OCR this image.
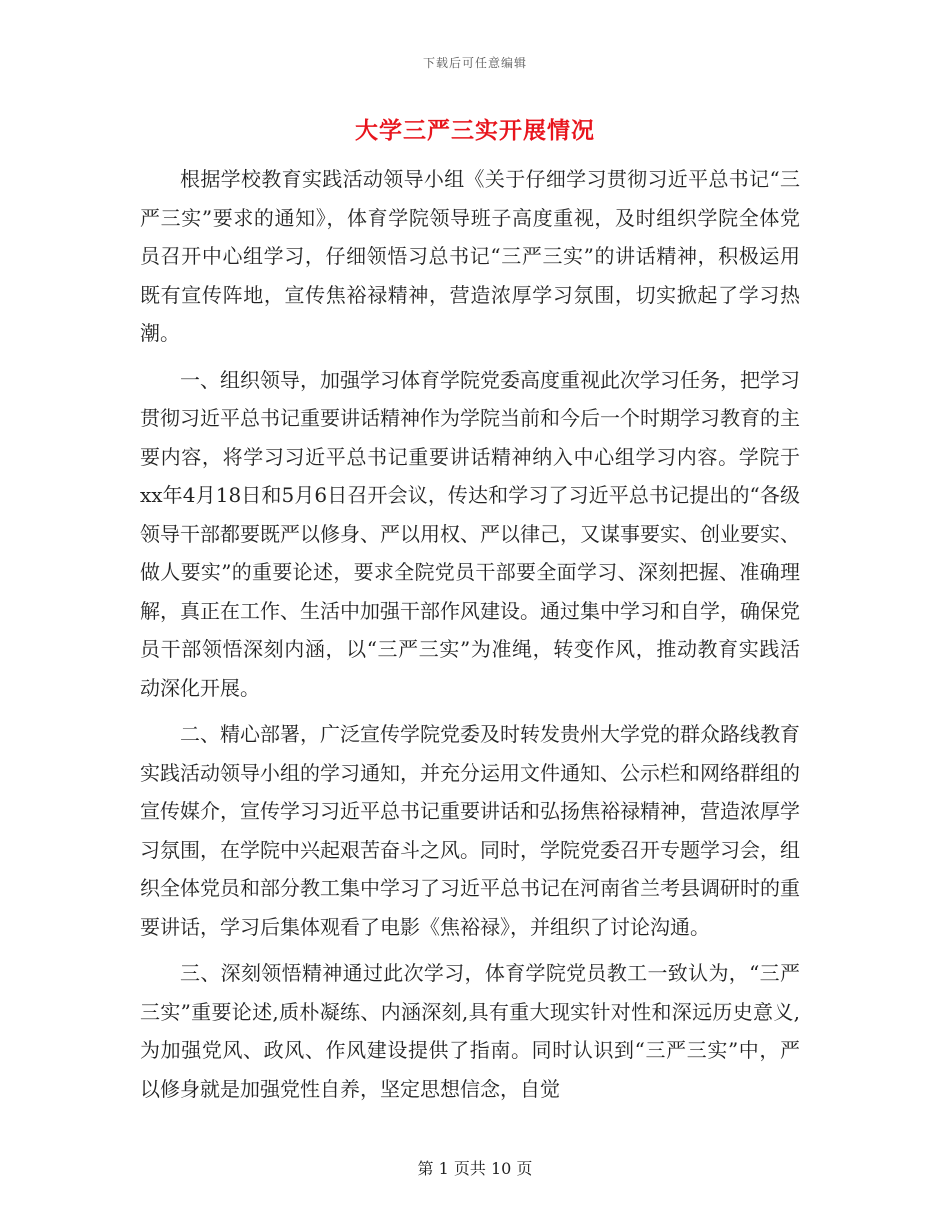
下载后可任意编辑
大学三严三实开展情况

根据学校教育实践活动领导小组《关于仔细学习贯彻习近平总书记“三严三实”要求的通知》，体育学院领导班子高度重视，及时组织学院全体党员召开中心组学习，仔细领悟习总书记“三严三实”的讲话精神，积极运用既有宣传阵地，宣传焦裕禄精神，营造浓厚学习氛围，切实掀起了学习热潮。

一、组织领导，加强学习体育学院党委高度重视此次学习任务，把学习贯彻习近平总书记重要讲话精神作为学院当前和今后一个时期学习教育的主要内容，将学习习近平总书记重要讲话精神纳入中心组学习内容。学院于xx年4月18日和5月6日召开会议，传达和学习了习近平总书记提出的“各级领导干部都要既严以修身、严以用权、严以律己，又谋事要实、创业要实、做人要实”的重要论述，要求全院党员干部要全面学习、深刻把握、准确理解，真正在工作、生活中加强干部作风建设。通过集中学习和自学，确保党员干部领悟深刻内涵，以“三严三实”为准绳，转变作风，推动教育实践活动深化开展。

二、精心部署，广泛宣传学院党委及时转发贵州大学党的群众路线教育实践活动领导小组的学习通知，并充分运用文件通知、公示栏和网络群组的宣传媒介，宣传学习习近平总书记重要讲话和弘扬焦裕禄精神，营造浓厚学习氛围，在学院中兴起艰苦奋斗之风。同时，学院党委召开专题学习会，组织全体党员和部分教工集中学习了习近平总书记在河南省兰考县调研时的重要讲话，学习后集体观看了电影《焦裕禄》，并组织了讨论沟通。

三、深刻领悟精神通过此次学习，体育学院党员教工一致认为，“三严三实”重要论述,质朴凝练、内涵深刻,具有重大现实针对性和深远历史意义,为加强党风、政风、作风建设提供了指南。同时认识到“三严三实”中，严以修身就是加强党性自养，坚定思想信念，自觉

第 1 页共 10 页
